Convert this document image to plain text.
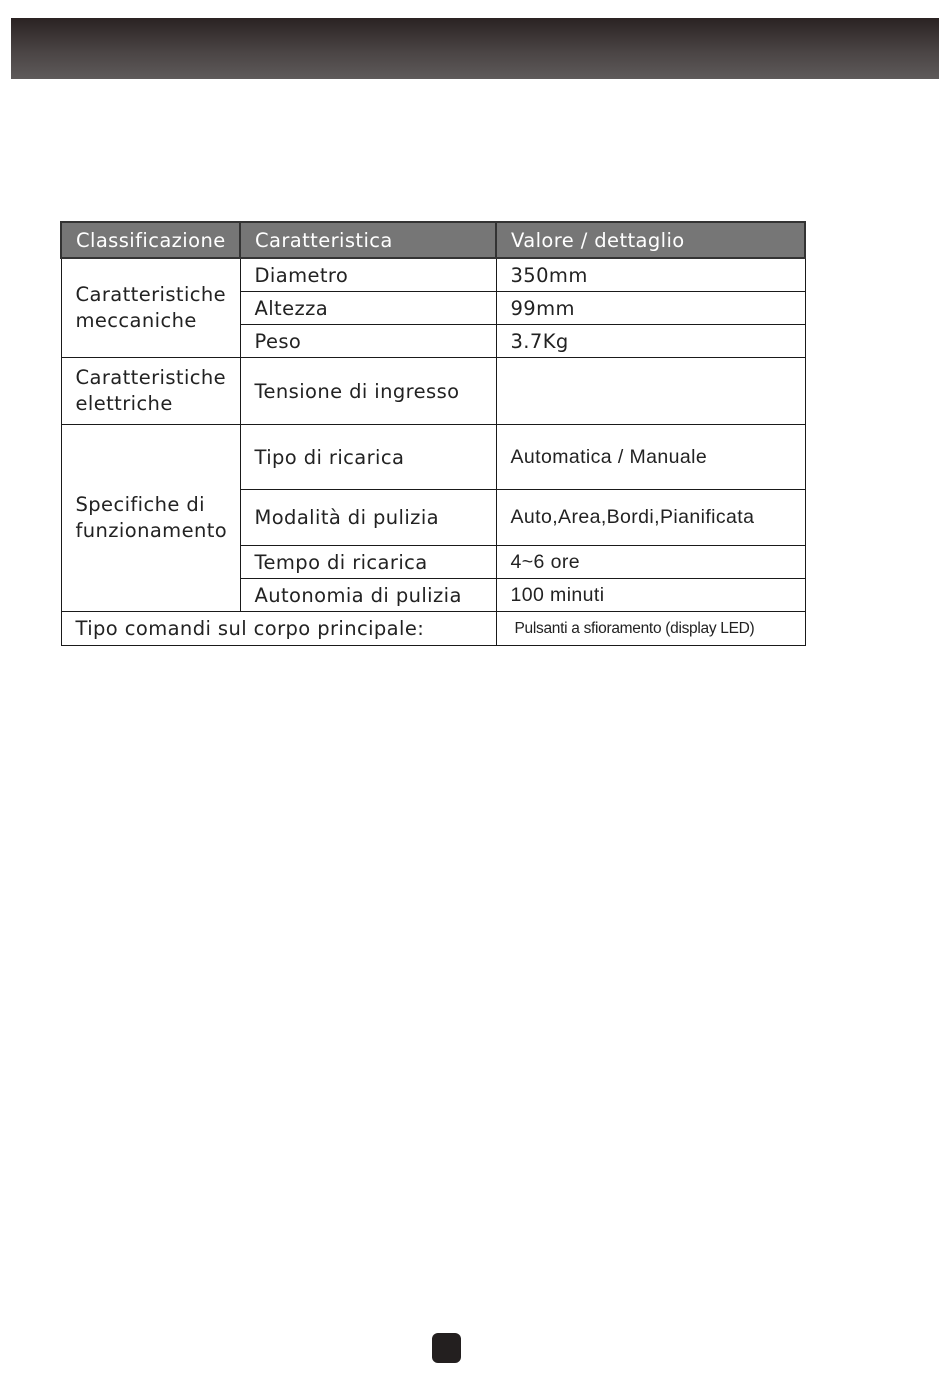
Classificazione	Caratteristica	Valore / dettaglio
Caratteristiche meccaniche	Diametro	350mm
	Altezza	99mm
	Peso	3.7Kg
Caratteristiche elettriche	Tensione di ingresso	
Specifiche di funzionamento	Tipo di ricarica	Automatica / Manuale
	Modalità di pulizia	Auto,Area,Bordi,Pianificata
	Tempo di ricarica	4~6 ore
	Autonomia di pulizia	100 minuti
Tipo comandi sul corpo principale:		Pulsanti a sfioramento (display LED)
